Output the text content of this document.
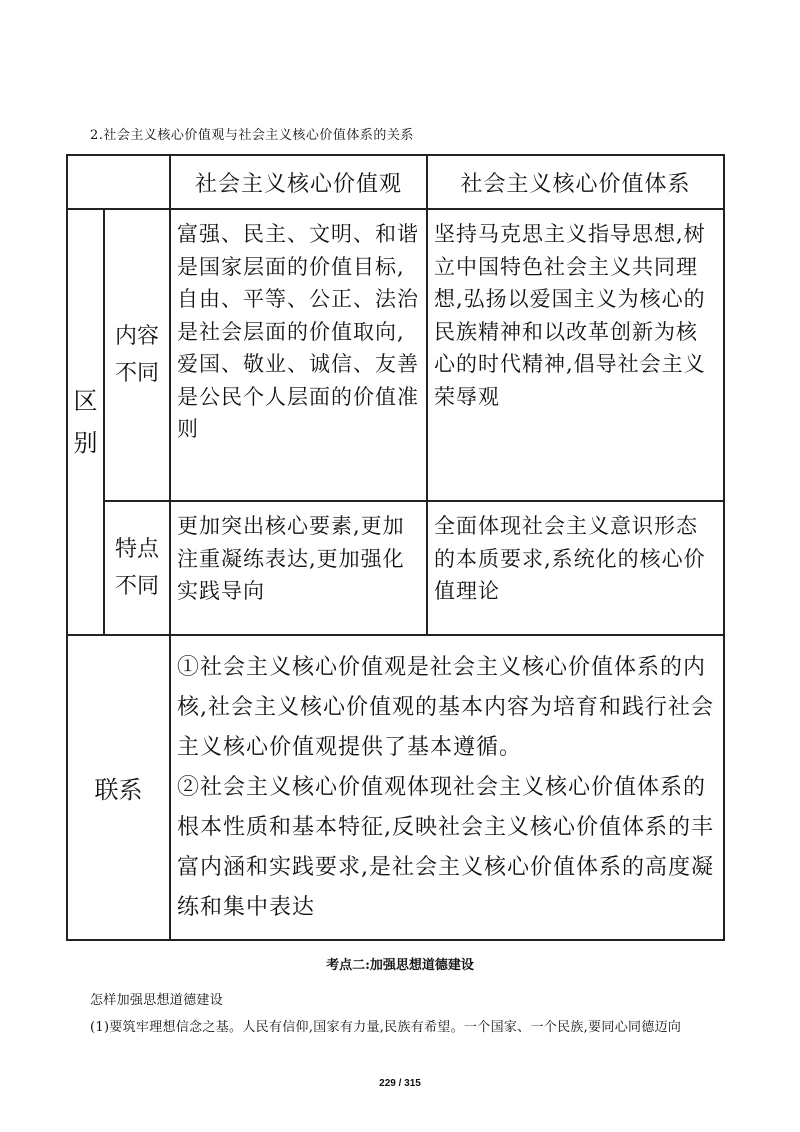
2.社会主义核心价值观与社会主义核心价值体系的关系
		社会主义核心价值观	社会主义核心价值体系
区别	内容不同	富强、民主、文明、和谐是国家层面的价值目标,自由、平等、公正、法治是社会层面的价值取向,爱国、敬业、诚信、友善是公民个人层面的价值准则	坚持马克思主义指导思想,树立中国特色社会主义共同理想,弘扬以爱国主义为核心的民族精神和以改革创新为核心的时代精神,倡导社会主义荣辱观
	特点不同	更加突出核心要素,更加注重凝练表达,更加强化实践导向	全面体现社会主义意识形态的本质要求,系统化的核心价值理论
联系		①社会主义核心价值观是社会主义核心价值体系的内核,社会主义核心价值观的基本内容为培育和践行社会主义核心价值观提供了基本遵循。
②社会主义核心价值观体现社会主义核心价值体系的根本性质和基本特征,反映社会主义核心价值体系的丰富内涵和实践要求,是社会主义核心价值体系的高度凝练和集中表达	
考点二:加强思想道德建设
怎样加强思想道德建设
(1)要筑牢理想信念之基。人民有信仰,国家有力量,民族有希望。一个国家、一个民族,要同心同德迈向
229 / 315
